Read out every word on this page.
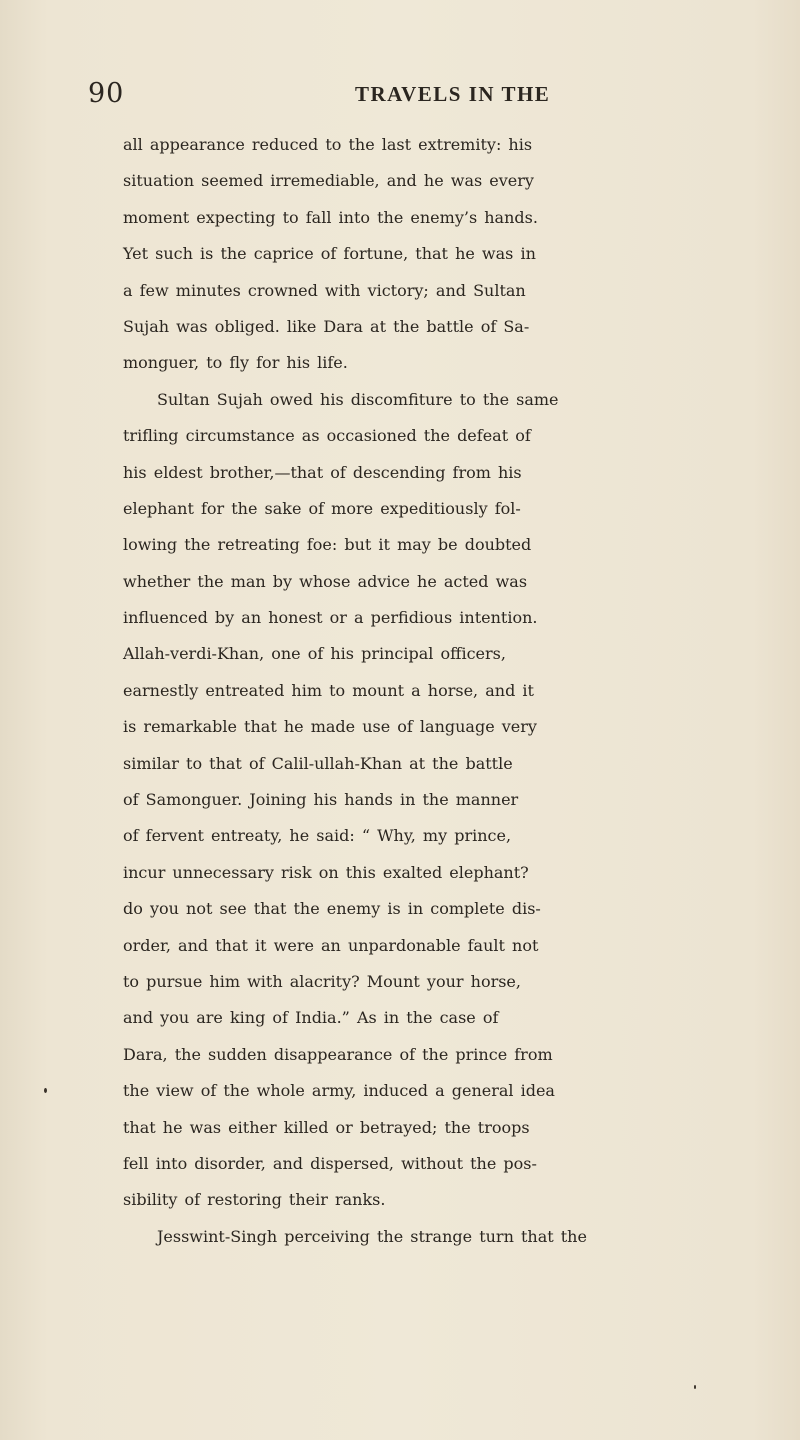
90	TRAVELS IN THE
all appearance reduced to the last extremity: his
situation seemed irremediable, and he was every
moment expecting to fall into the enemy’s hands.
Yet such is the caprice of fortune, that he was in
a few minutes crowned with victory; and Sultan
Sujah was obliged. like Dara at the battle of Sa-
monguer, to fly for his life.
Sultan Sujah owed his discomfiture to the same
trifling circumstance as occasioned the defeat of
his eldest brother,—that of descending from his
elephant for the sake of more expeditiously fol-
lowing the retreating foe: but it may be doubted
whether the man by whose advice he acted was
influenced by an honest or a perfidious intention.
Allah-verdi-Khan, one of his principal officers,
earnestly entreated him to mount a horse, and it
is remarkable that he made use of language very
similar to that of Calil-ullah-Khan at the battle
of Samonguer. Joining his hands in the manner
of fervent entreaty, he said: “ Why, my prince,
incur unnecessary risk on this exalted elephant?
do you not see that the enemy is in complete dis-
order, and that it were an unpardonable fault not
to pursue him with alacrity? Mount your horse,
and you are king of India.” As in the case of
Dara, the sudden disappearance of the prince from
the view of the whole army, induced a general idea
that he was either killed or betrayed; the troops
fell into disorder, and dispersed, without the pos-
sibility of restoring their ranks.
Jesswint-Singh perceiving the strange turn that the
